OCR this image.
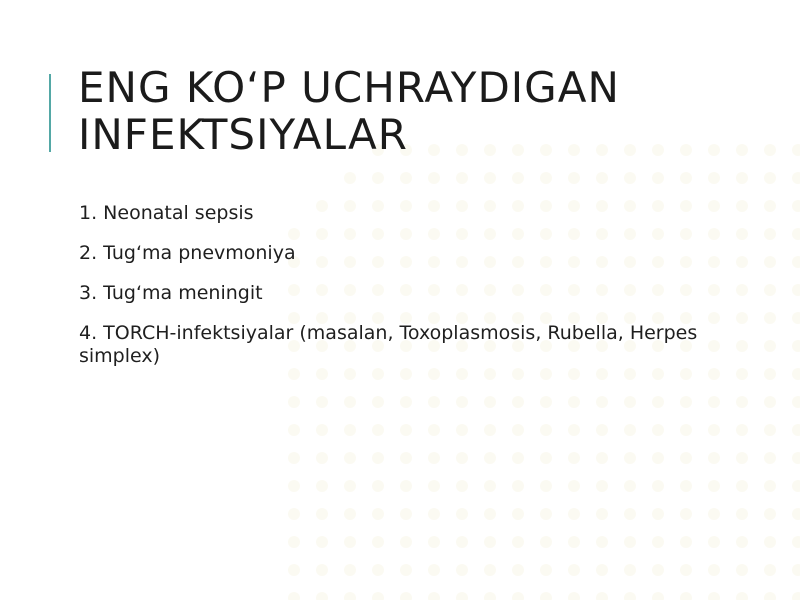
ENG KO‘P UCHRAYDIGAN
INFEKTSIYALAR
1. Neonatal sepsis
2. Tug‘ma pnevmoniya
3. Tug‘ma meningit
4. TORCH-infektsiyalar (masalan, Toxoplasmosis, Rubella, Herpes simplex)
